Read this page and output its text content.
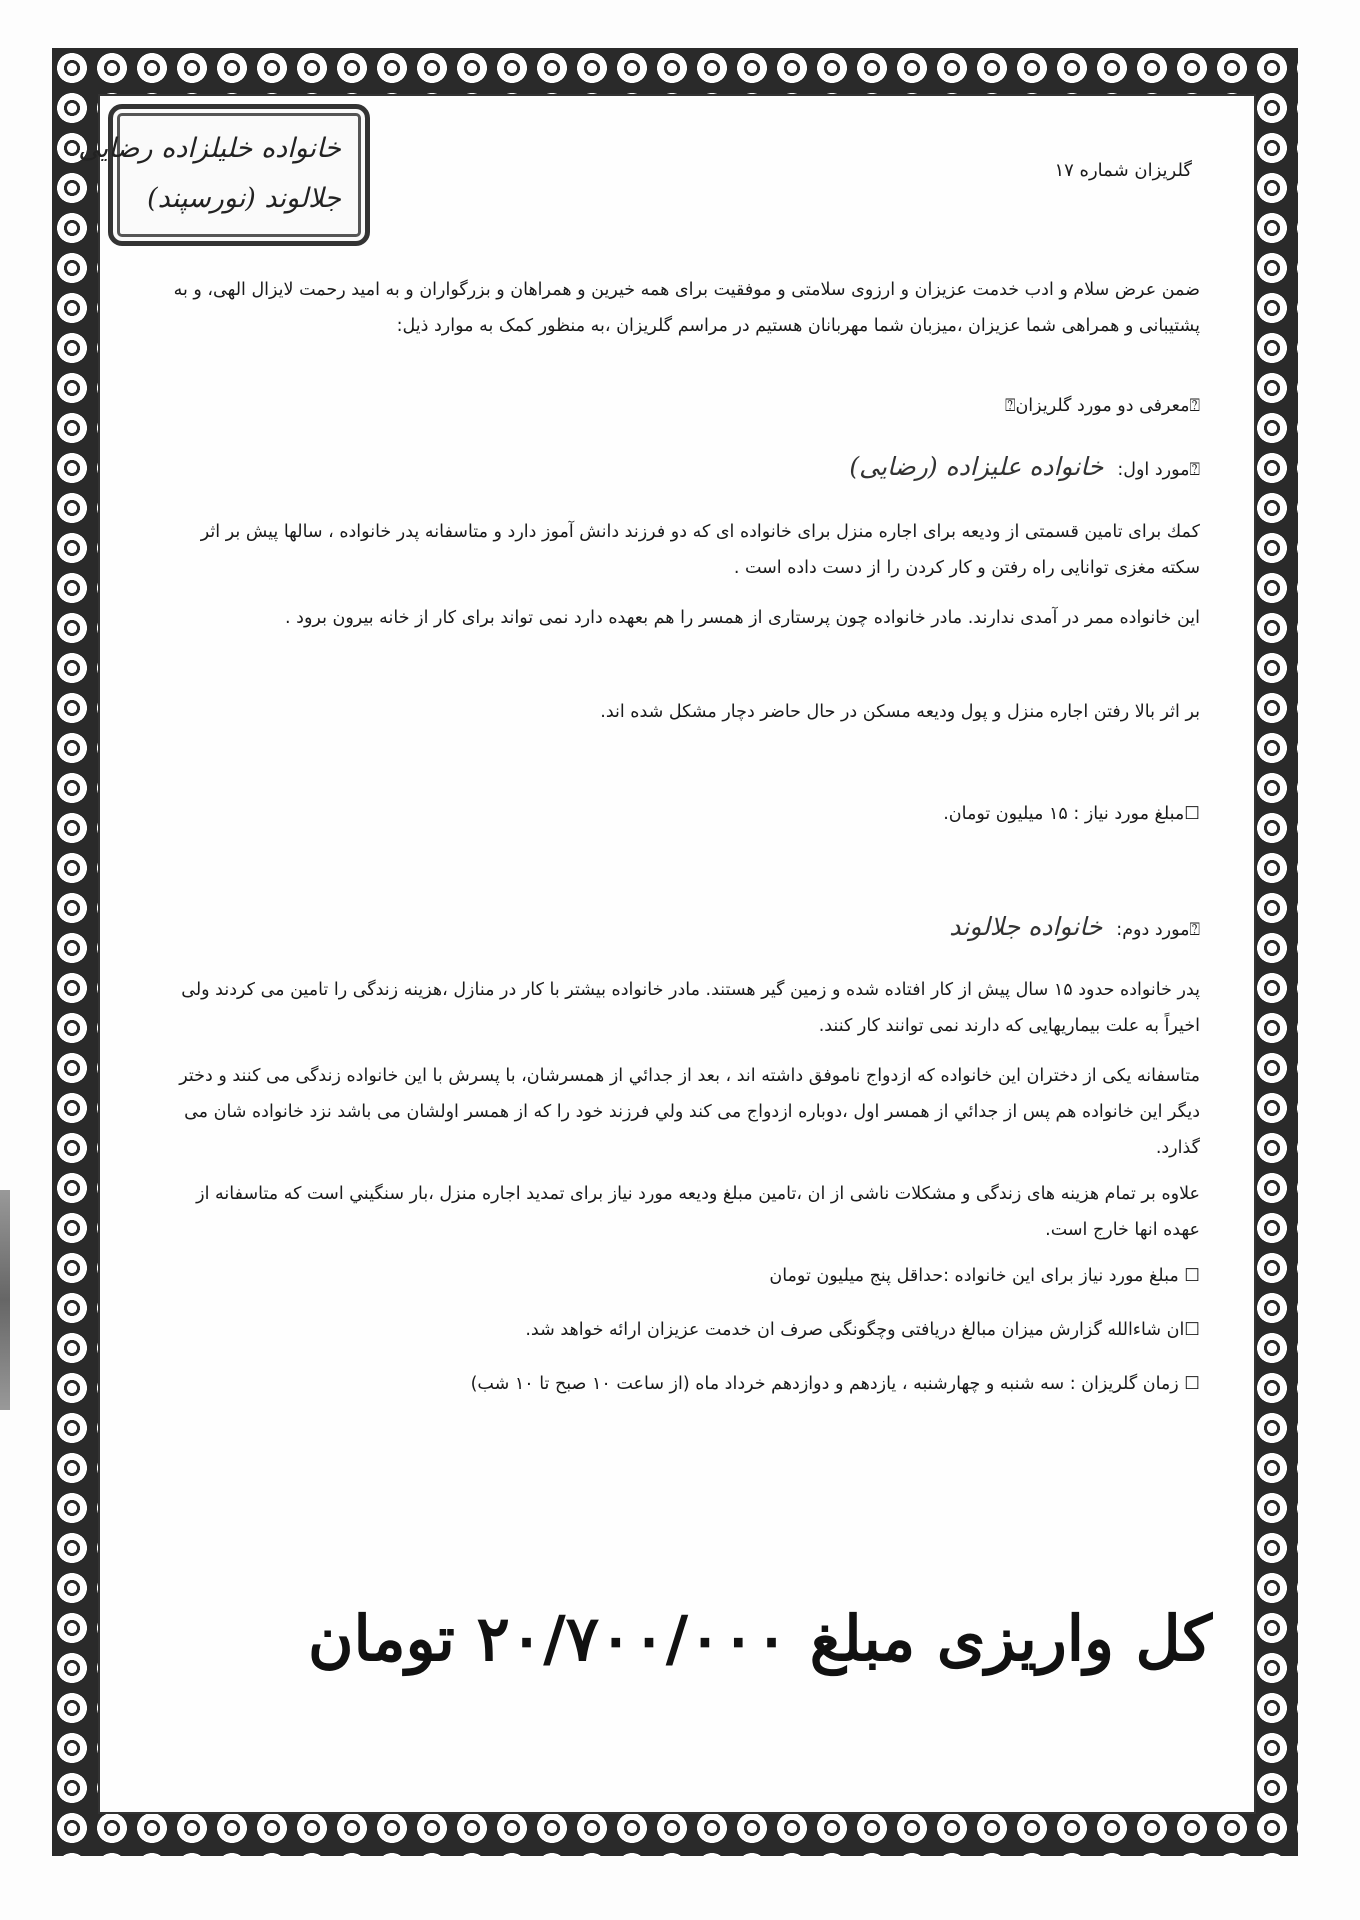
خانواده خلیلزاده رضایی
جلالوند (نورسپند)
گلریزان شماره ۱۷
ضمن عرض سلام و ادب خدمت عزیزان و ارزوی سلامتی و موفقیت برای همه خیرین و همراهان و بزرگواران و به امید رحمت لایزال الهی، و به پشتیبانی و همراهی شما عزیزان ،میزبان شما مهربانان هستیم در مراسم گلریزان ،به منظور کمک به موارد ذیل:
⍰معرفی دو مورد گلریزان⍰
⍰مورد اول:خانواده علیزاده (رضایی)
کمك برای تامین قسمتی از ودیعه برای اجاره منزل برای خانواده ای که دو فرزند دانش آموز دارد و متاسفانه پدر خانواده ، سالها پیش بر اثر سکته مغزی توانایی راه رفتن و کار کردن را از دست داده است .
این خانواده ممر در آمدی ندارند. مادر خانواده چون پرستاری از همسر را هم بعهده دارد نمی تواند برای کار از خانه بیرون برود .
بر اثر بالا رفتن اجاره منزل و پول ودیعه مسکن در حال حاضر دچار مشکل شده اند.
☐مبلغ مورد نیاز : ۱۵ میلیون تومان.
⍰مورد دوم:خانواده جلالوند
پدر خانواده حدود ۱۵ سال پیش از کار افتاده شده و زمین گیر هستند. مادر خانواده بیشتر با کار در منازل ،هزینه زندگی را تامین می کردند ولی اخیراً به علت بیماریهایی که دارند نمی توانند کار کنند.
متاسفانه یکی از دختران این خانواده که ازدواج ناموفق داشته اند ، بعد از جدائي از همسرشان، با پسرش با این خانواده زندگی می کنند و دختر دیگر این خانواده هم پس از جدائي از همسر اول ،دوباره ازدواج می کند ولي فرزند خود را که از همسر اولشان می باشد نزد خانواده شان می گذارد.
علاوه بر تمام هزینه های زندگی و مشکلات ناشی از ان ،تامین مبلغ ودیعه مورد نیاز برای تمدید اجاره منزل ،بار سنگیني است که متاسفانه از عهده انها خارج است.
☐ مبلغ مورد نیاز برای این خانواده :حداقل پنج میلیون تومان
☐ان شاءالله گزارش میزان مبالغ دریافتی وچگونگی صرف ان خدمت عزیزان ارائه خواهد شد.
☐ زمان گلریزان : سه شنبه و چهارشنبه ، یازدهم و دوازدهم خرداد ماه (از ساعت ۱۰ صبح تا ۱۰ شب)
کل واریزی مبلغ ۲۰/۷۰۰/۰۰۰ تومان
